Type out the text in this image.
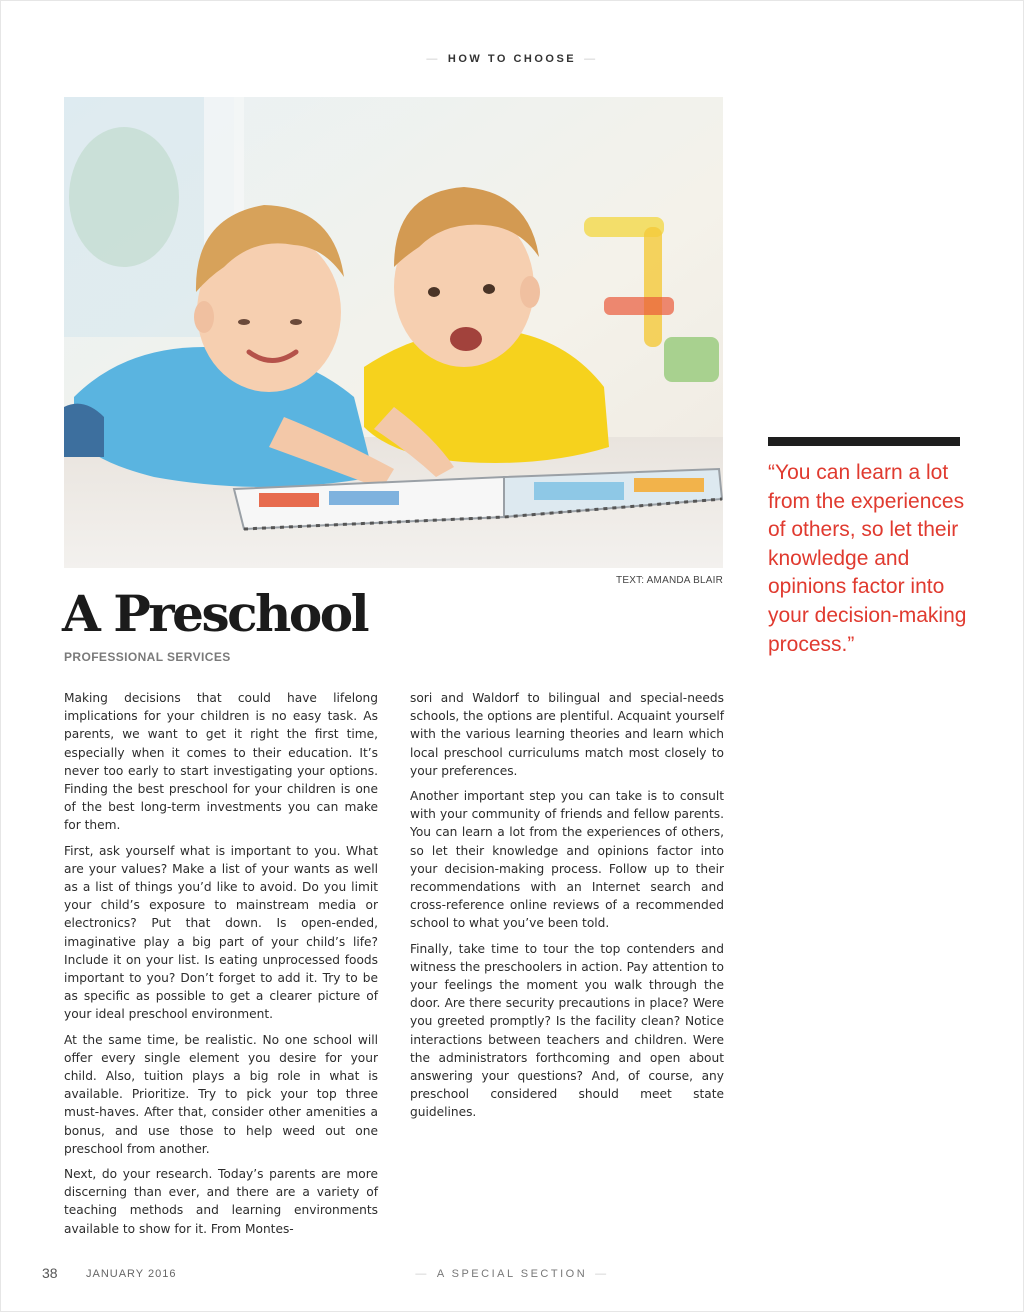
— HOW TO CHOOSE —
TEXT: AMANDA BLAIR
A Preschool
PROFESSIONAL SERVICES

Making decisions that could have lifelong implications for your children is no easy task. As parents, we want to get it right the first time, especially when it comes to their education. It’s never too early to start investigating your options. Finding the best preschool for your children is one of the best long-term investments you can make for them.

First, ask yourself what is important to you. What are your values? Make a list of your wants as well as a list of things you’d like to avoid. Do you limit your child’s exposure to mainstream media or electronics? Put that down. Is open-ended, imaginative play a big part of your child’s life? Include it on your list. Is eating unprocessed foods important to you? Don’t forget to add it. Try to be as specific as possible to get a clearer picture of your ideal preschool environment.

At the same time, be realistic. No one school will offer every single element you desire for your child. Also, tuition plays a big role in what is available. Prioritize. Try to pick your top three must-haves. After that, consider other amenities a bonus, and use those to help weed out one preschool from another.

Next, do your research. Today’s parents are more discerning than ever, and there are a variety of teaching methods and learning environments available to show for it. From Montes-

sori and Waldorf to bilingual and special-needs schools, the options are plentiful. Acquaint yourself with the various learning theories and learn which local preschool curriculums match most closely to your preferences.

Another important step you can take is to consult with your community of friends and fellow parents. You can learn a lot from the experiences of others, so let their knowledge and opinions factor into your decision-making process. Follow up to their recommendations with an Internet search and cross-reference online reviews of a recommended school to what you’ve been told.

Finally, take time to tour the top contenders and witness the preschoolers in action. Pay attention to your feelings the moment you walk through the door. Are there security precautions in place? Were you greeted promptly? Is the facility clean? Notice interactions between teachers and children. Were the administrators forthcoming and open about answering your questions? And, of course, any preschool considered should meet state guidelines.

“You can learn a lot from the experiences of others, so let their knowledge and opinions factor into your decision-making process.”
38	JANUARY 2016	— A SPECIAL SECTION —
